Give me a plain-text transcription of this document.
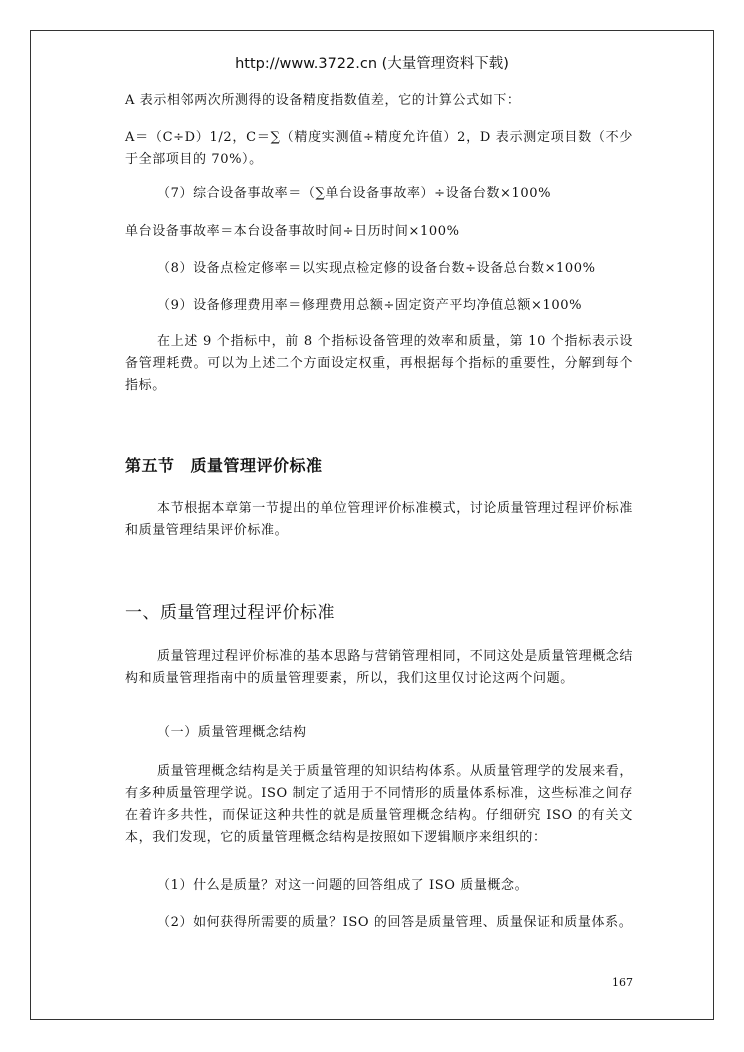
http://www.3722.cn (大量管理资料下载)

A 表示相邻两次所测得的设备精度指数值差，它的计算公式如下：

A＝（C÷D）1/2，C＝∑（精度实测值÷精度允许值）2，D 表示测定项目数（不少于全部项目的 70%）。

（7）综合设备事故率＝（∑单台设备事故率）÷设备台数×100%

单台设备事故率＝本台设备事故时间÷日历时间×100%

（8）设备点检定修率＝以实现点检定修的设备台数÷设备总台数×100%

（9）设备修理费用率＝修理费用总额÷固定资产平均净值总额×100%

在上述 9 个指标中，前 8 个指标设备管理的效率和质量，第 10 个指标表示设备管理耗费。可以为上述二个方面设定权重，再根据每个指标的重要性，分解到每个指标。

第五节 质量管理评价标准

本节根据本章第一节提出的单位管理评价标准模式，讨论质量管理过程评价标准和质量管理结果评价标准。

一、质量管理过程评价标准

质量管理过程评价标准的基本思路与营销管理相同，不同这处是质量管理概念结构和质量管理指南中的质量管理要素，所以，我们这里仅讨论这两个问题。

（一）质量管理概念结构

质量管理概念结构是关于质量管理的知识结构体系。从质量管理学的发展来看，有多种质量管理学说。ISO 制定了适用于不同情形的质量体系标准，这些标准之间存在着许多共性，而保证这种共性的就是质量管理概念结构。仔细研究 ISO 的有关文本，我们发现，它的质量管理概念结构是按照如下逻辑顺序来组织的：

（1）什么是质量？对这一问题的回答组成了 ISO 质量概念。

（2）如何获得所需要的质量？ISO 的回答是质量管理、质量保证和质量体系。

167
